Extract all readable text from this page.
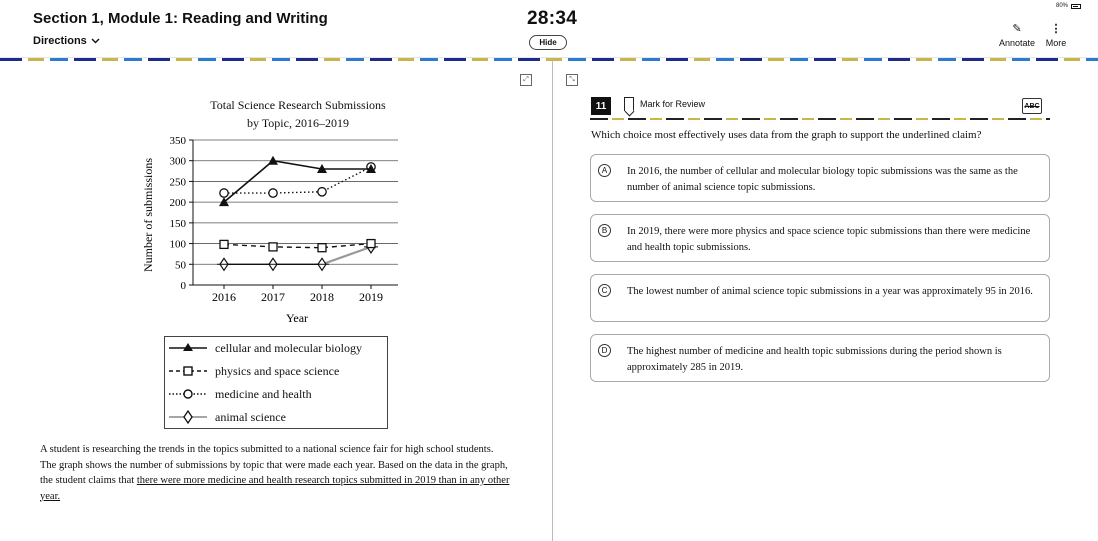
Section 1, Module 1: Reading and Writing	28:34
Directions	Hide
80%
✎
Annotate
⋮
More
⤢	⤡
Total Science Research Submissions
by Topic, 2016–2019
0
50
100
150
200
250
300
350
2016 2017 2018 2019
Year
Number of submissions
cellular and molecular biology
physics and space science
medicine and health
animal science
A student is researching the trends in the topics submitted to a national science fair for high school students. The graph shows the number of submissions by topic that were made each year. Based on the data in the graph, the student claims that there were more medicine and health research topics submitted in 2019 than in any other year.
11	Mark for Review	ABC
Which choice most effectively uses data from the graph to support the underlined claim?
A	In 2016, the number of cellular and molecular biology topic submissions was the same as the number of animal science topic submissions.
B	In 2019, there were more physics and space science topic submissions than there were medicine and health topic submissions.
C	The lowest number of animal science topic submissions in a year was approximately 95 in 2016.
D	The highest number of medicine and health topic submissions during the period shown is approximately 285 in 2019.
